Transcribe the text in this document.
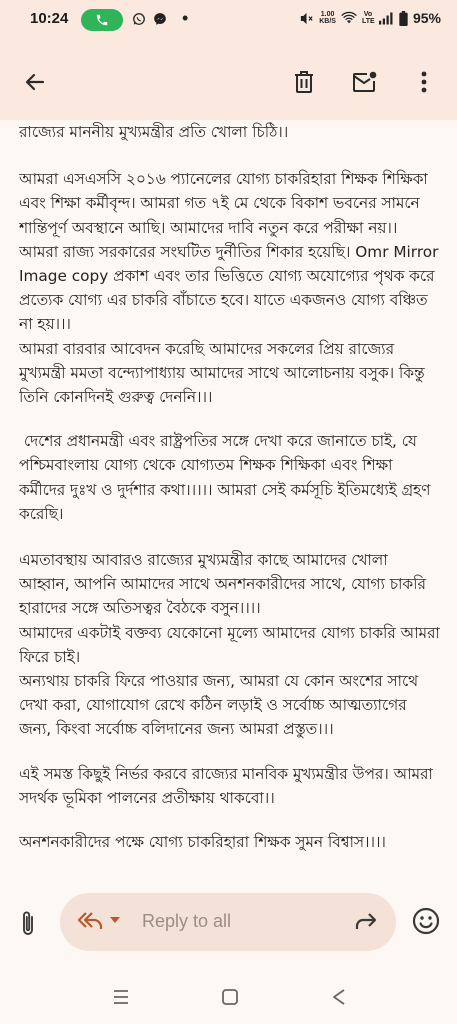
10:24	•	1.00
KB/S
Vo LTE	95%

রাজ্যের মাননীয় মুখ্যমন্ত্রীর প্রতি খোলা চিঠি।।

আমরা এসএসসি ২০১৬ প্যানেলের যোগ্য চাকরিহারা শিক্ষক শিক্ষিকা এবং শিক্ষা কর্মীবৃন্দ। আমরা গত ৭ই মে থেকে বিকাশ ভবনের সামনে শান্তিপূর্ণ অবস্থানে আছি। আমাদের দাবি নতুন করে পরীক্ষা নয়।। আমরা রাজ্য সরকারের সংঘটিত দুর্নীতির শিকার হয়েছি। Omr Mirror Image copy প্রকাশ এবং তার ভিত্তিতে যোগ্য অযোগ্যের পৃথক করে প্রত্যেক যোগ্য এর চাকরি বাঁচাতে হবে। যাতে একজনও যোগ্য বঞ্চিত না হয়।।।
আমরা বারবার আবেদন করেছি আমাদের সকলের প্রিয় রাজ্যের মুখ্যমন্ত্রী মমতা বন্দ্যোপাধ্যায় আমাদের সাথে আলোচনায় বসুক। কিন্তু তিনি কোনদিনই গুরুত্ব দেননি।।।

দেশের প্রধানমন্ত্রী এবং রাষ্ট্রপতির সঙ্গে দেখা করে জানাতে চাই, যে পশ্চিমবাংলায় যোগ্য থেকে যোগ্যতম শিক্ষক শিক্ষিকা এবং শিক্ষা কর্মীদের দুঃখ ও দুর্দশার কথা।।।।। আমরা সেই কর্মসূচি ইতিমধ্যেই গ্রহণ করেছি।

এমতাবস্থায় আবারও রাজ্যের মুখ্যমন্ত্রীর কাছে আমাদের খোলা আহ্বান, আপনি আমাদের সাথে অনশনকারীদের সাথে, যোগ্য চাকরি হারাদের সঙ্গে অতিসত্বর বৈঠকে বসুন।।।।
আমাদের একটাই বক্তব্য যেকোনো মূল্যে আমাদের যোগ্য চাকরি আমরা ফিরে চাই।
অন্যথায় চাকরি ফিরে পাওয়ার জন্য, আমরা যে কোন অংশের সাথে দেখা করা, যোগাযোগ রেখে কঠিন লড়াই ও সর্বোচ্চ আত্মত্যাগের জন্য, কিংবা সর্বোচ্চ বলিদানের জন্য আমরা প্রস্তুত।।।

এই সমস্ত কিছুই নির্ভর করবে রাজ্যের মানবিক মুখ্যমন্ত্রীর উপর। আমরা সদর্থক ভূমিকা পালনের প্রতীক্ষায় থাকবো।।

অনশনকারীদের পক্ষে যোগ্য চাকরিহারা শিক্ষক সুমন বিশ্বাস।।।।

Reply to all
